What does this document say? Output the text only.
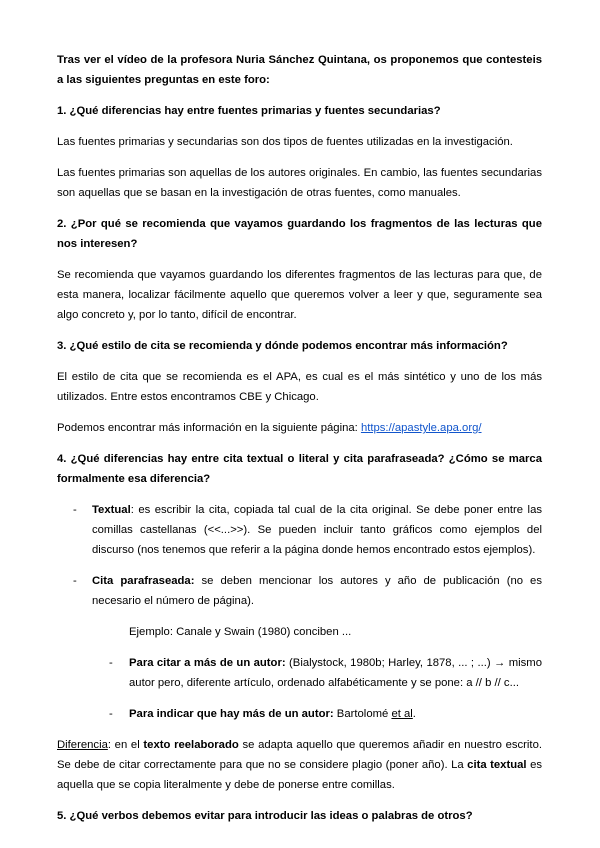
Tras ver el vídeo de la profesora Nuria Sánchez Quintana, os proponemos que contesteis a las siguientes preguntas en este foro:

1. ¿Qué diferencias hay entre fuentes primarias y fuentes secundarias?

Las fuentes primarias y secundarias son dos tipos de fuentes utilizadas en la investigación.

Las fuentes primarias son aquellas de los autores originales. En cambio, las fuentes secundarias son aquellas que se basan en la investigación de otras fuentes, como manuales.

2. ¿Por qué se recomienda que vayamos guardando los fragmentos de las lecturas que nos interesen?

Se recomienda que vayamos guardando los diferentes fragmentos de las lecturas para que, de esta manera, localizar fácilmente aquello que queremos volver a leer y que, seguramente sea algo concreto y, por lo tanto, difícil de encontrar.

3. ¿Qué estilo de cita se recomienda y dónde podemos encontrar más información?

El estilo de cita que se recomienda es el APA, es cual es el más sintético y uno de los más utilizados. Entre estos encontramos CBE y Chicago.

Podemos encontrar más información en la siguiente página: https://apastyle.apa.org/

4. ¿Qué diferencias hay entre cita textual o literal y cita parafraseada? ¿Cómo se marca formalmente esa diferencia?

- Textual: es escribir la cita, copiada tal cual de la cita original. Se debe poner entre las comillas castellanas (<<...>>). Se pueden incluir tanto gráficos como ejemplos del discurso (nos tenemos que referir a la página donde hemos encontrado estos ejemplos).
- Cita parafraseada: se deben mencionar los autores y año de publicación (no es necesario el número de página).

Ejemplo: Canale y Swain (1980) conciben ...

- Para citar a más de un autor: (Bialystock, 1980b; Harley, 1878, ... ; ...) → mismo autor pero, diferente artículo, ordenado alfabéticamente y se pone: a // b // c...
- Para indicar que hay más de un autor: Bartolomé et al.

Diferencia: en el texto reelaborado se adapta aquello que queremos añadir en nuestro escrito. Se debe de citar correctamente para que no se considere plagio (poner año). La cita textual es aquella que se copia literalmente y debe de ponerse entre comillas.

5. ¿Qué verbos debemos evitar para introducir las ideas o palabras de otros?
